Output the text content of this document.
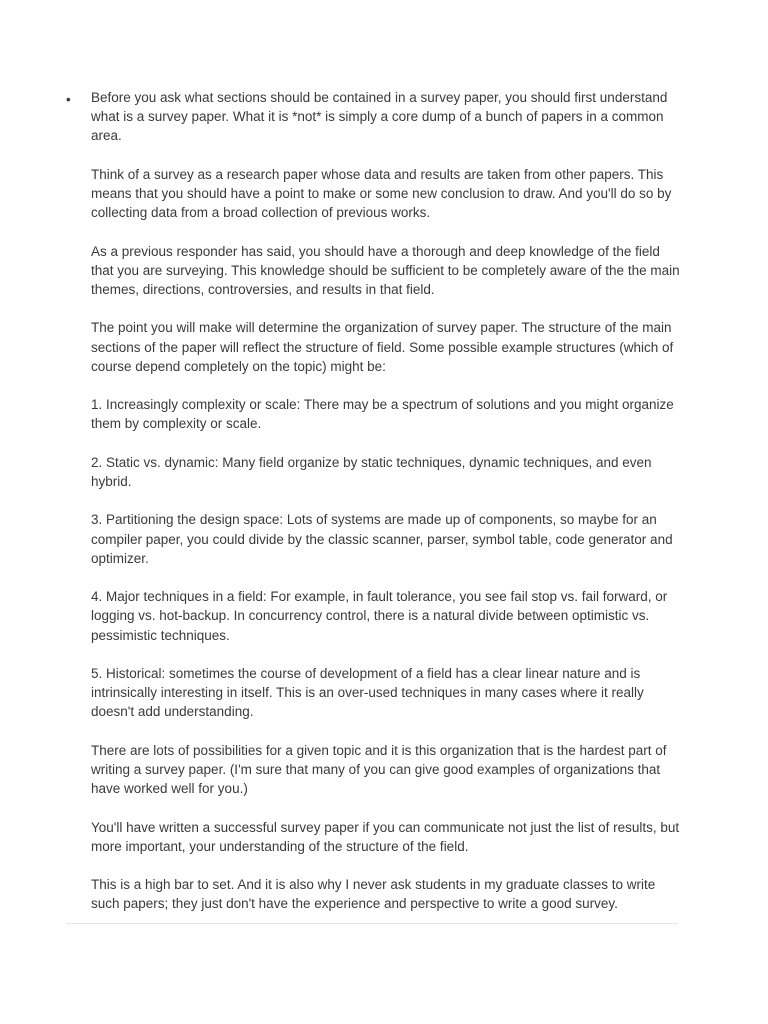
•	Before you ask what sections should be contained in a survey paper, you should first understand what is a survey paper. What it is *not* is simply a core dump of a bunch of papers in a common area.

Think of a survey as a research paper whose data and results are taken from other papers. This means that you should have a point to make or some new conclusion to draw. And you'll do so by collecting data from a broad collection of previous works.

As a previous responder has said, you should have a thorough and deep knowledge of the field that you are surveying. This knowledge should be sufficient to be completely aware of the the main themes, directions, controversies, and results in that field.

The point you will make will determine the organization of survey paper. The structure of the main sections of the paper will reflect the structure of field. Some possible example structures (which of course depend completely on the topic) might be:

1. Increasingly complexity or scale: There may be a spectrum of solutions and you might organize them by complexity or scale.

2. Static vs. dynamic: Many field organize by static techniques, dynamic techniques, and even hybrid.

3. Partitioning the design space: Lots of systems are made up of components, so maybe for an compiler paper, you could divide by the classic scanner, parser, symbol table, code generator and optimizer.

4. Major techniques in a field: For example, in fault tolerance, you see fail stop vs. fail forward, or logging vs. hot-backup. In concurrency control, there is a natural divide between optimistic vs. pessimistic techniques.

5. Historical: sometimes the course of development of a field has a clear linear nature and is intrinsically interesting in itself. This is an over-used techniques in many cases where it really doesn't add understanding.

There are lots of possibilities for a given topic and it is this organization that is the hardest part of writing a survey paper. (I'm sure that many of you can give good examples of organizations that have worked well for you.)

You'll have written a successful survey paper if you can communicate not just the list of results, but more important, your understanding of the structure of the field.

This is a high bar to set. And it is also why I never ask students in my graduate classes to write such papers; they just don't have the experience and perspective to write a good survey.
